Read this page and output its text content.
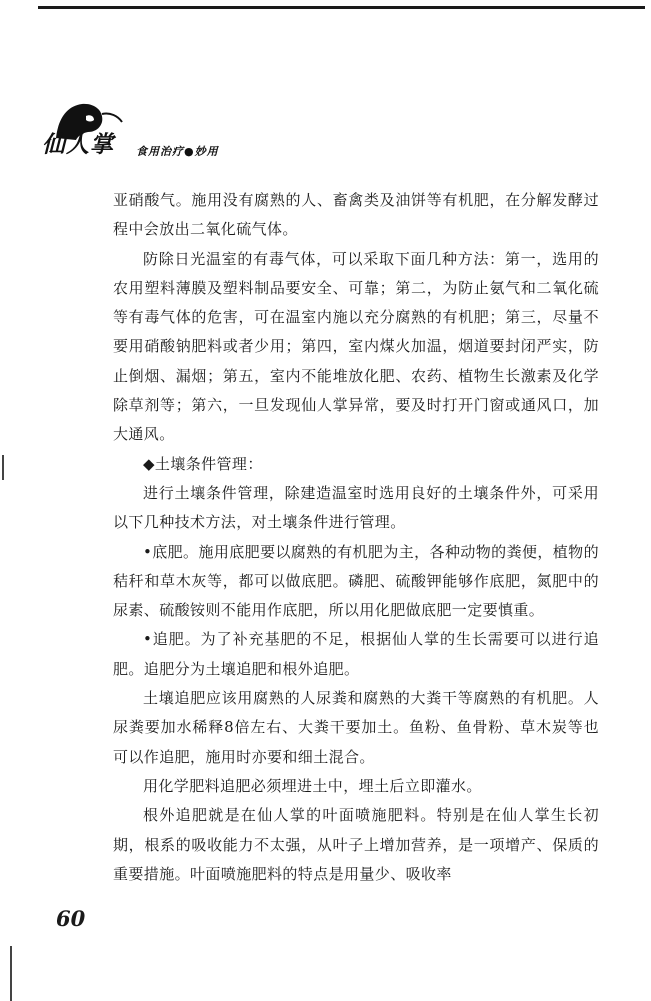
仙人掌 食用治疗●妙用

亚硝酸气。施用没有腐熟的人、畜禽类及油饼等有机肥，在分解发酵过程中会放出二氧化硫气体。

防除日光温室的有毒气体，可以采取下面几种方法：第一，选用的农用塑料薄膜及塑料制品要安全、可靠；第二，为防止氨气和二氧化硫等有毒气体的危害，可在温室内施以充分腐熟的有机肥；第三，尽量不要用硝酸钠肥料或者少用；第四，室内煤火加温，烟道要封闭严实，防止倒烟、漏烟；第五，室内不能堆放化肥、农药、植物生长激素及化学除草剂等；第六，一旦发现仙人掌异常，要及时打开门窗或通风口，加大通风。

◆土壤条件管理：

进行土壤条件管理，除建造温室时选用良好的土壤条件外，可采用以下几种技术方法，对土壤条件进行管理。

•底肥。施用底肥要以腐熟的有机肥为主，各种动物的粪便，植物的秸秆和草木灰等，都可以做底肥。磷肥、硫酸钾能够作底肥，氮肥中的尿素、硫酸铵则不能用作底肥，所以用化肥做底肥一定要慎重。

•追肥。为了补充基肥的不足，根据仙人掌的生长需要可以进行追肥。追肥分为土壤追肥和根外追肥。

土壤追肥应该用腐熟的人尿粪和腐熟的大粪干等腐熟的有机肥。人尿粪要加水稀释8倍左右、大粪干要加土。鱼粉、鱼骨粉、草木炭等也可以作追肥，施用时亦要和细土混合。

用化学肥料追肥必须埋进土中，埋土后立即灌水。

根外追肥就是在仙人掌的叶面喷施肥料。特别是在仙人掌生长初期，根系的吸收能力不太强，从叶子上增加营养，是一项增产、保质的重要措施。叶面喷施肥料的特点是用量少、吸收率

60
